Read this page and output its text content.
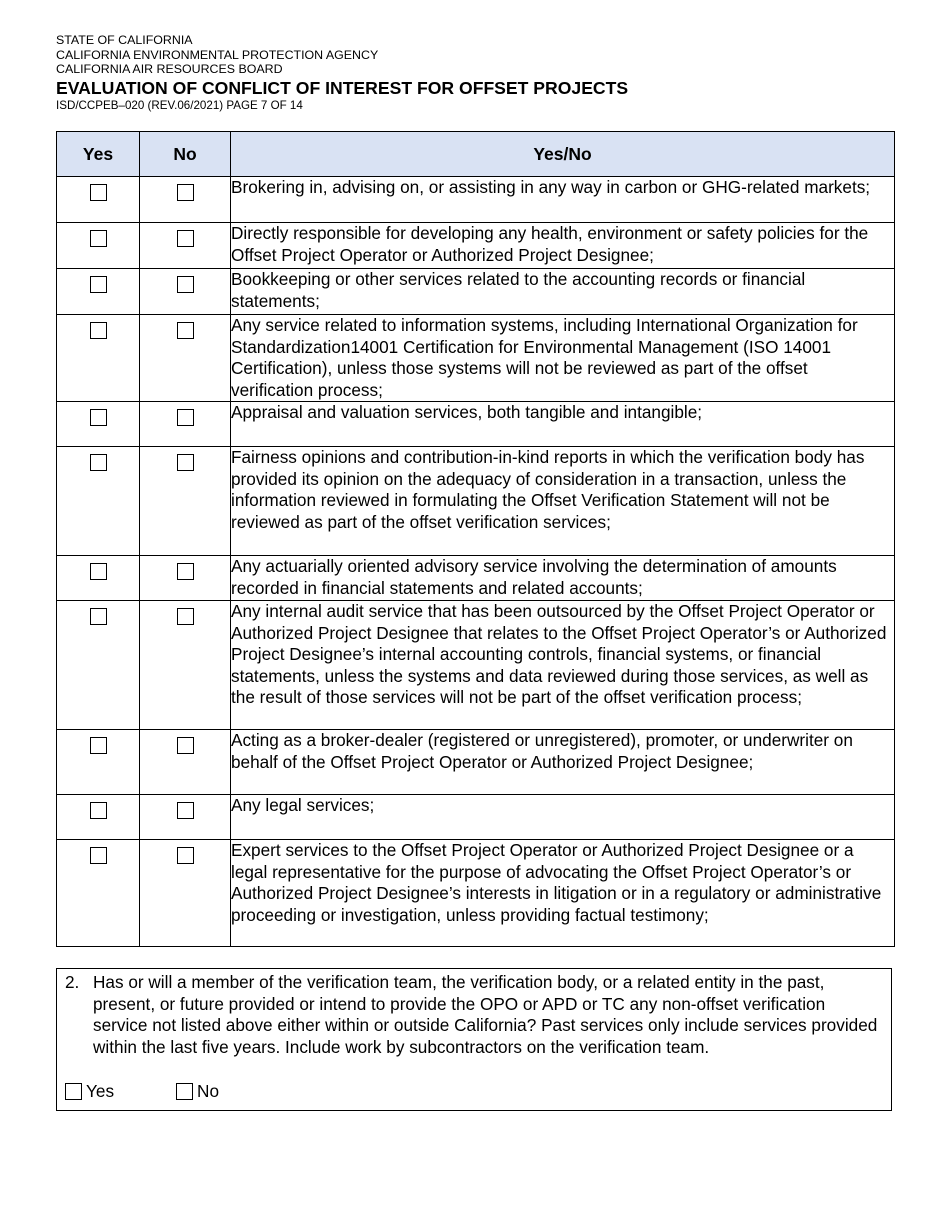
STATE OF CALIFORNIA

CALIFORNIA ENVIRONMENTAL PROTECTION AGENCY

CALIFORNIA AIR RESOURCES BOARD

EVALUATION OF CONFLICT OF INTEREST FOR OFFSET PROJECTS

ISD/CCPEB–020 (REV.06/2021) PAGE 7 OF 14

Yes	No	Yes/No
		Brokering in, advising on, or assisting in any way in carbon or GHG-related markets;
		Directly responsible for developing any health, environment or safety policies for the Offset Project Operator or Authorized Project Designee;
		Bookkeeping or other services related to the accounting records or financial statements;
		Any service related to information systems, including International Organization for Standardization14001 Certification for Environmental Management (ISO 14001 Certification), unless those systems will not be reviewed as part of the offset verification process;
		Appraisal and valuation services, both tangible and intangible;
		Fairness opinions and contribution-in-kind reports in which the verification body has provided its opinion on the adequacy of consideration in a transaction, unless the information reviewed in formulating the Offset Verification Statement will not be reviewed as part of the offset verification services;
		Any actuarially oriented advisory service involving the determination of amounts recorded in financial statements and related accounts;
		Any internal audit service that has been outsourced by the Offset Project Operator or Authorized Project Designee that relates to the Offset Project Operator’s or Authorized Project Designee’s internal accounting controls, financial systems, or financial statements, unless the systems and data reviewed during those services, as well as the result of those services will not be part of the offset verification process;
		Acting as a broker-dealer (registered or unregistered), promoter, or underwriter on behalf of the Offset Project Operator or Authorized Project Designee;
		Any legal services;
		Expert services to the Offset Project Operator or Authorized Project Designee or a legal representative for the purpose of advocating the Offset Project Operator’s or Authorized Project Designee’s interests in litigation or in a regulatory or administrative proceeding or investigation, unless providing factual testimony;
2. Has or will a member of the verification team, the verification body, or a related entity in the past, present, or future provided or intend to provide the OPO or APD or TC any non-offset verification service not listed above either within or outside California? Past services only include services provided within the last five years. Include work by subcontractors on the verification team.
Yes	No
